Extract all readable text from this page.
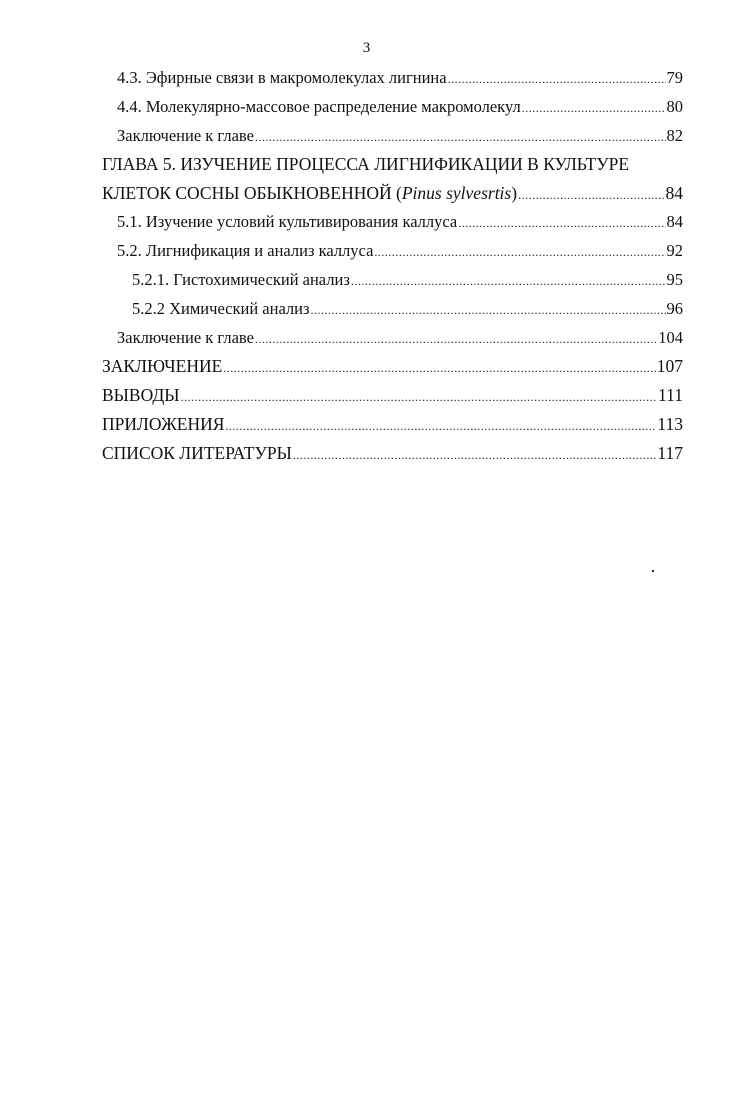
3
4.3. Эфирные связи в макромолекулах лигнина .....	79
4.4. Молекулярно-массовое распределение макромолекул .....	80
Заключение к главе .....	82
ГЛАВА 5. ИЗУЧЕНИЕ ПРОЦЕССА ЛИГНИФИКАЦИИ В КУЛЬТУРЕ
КЛЕТОК СОСНЫ ОБЫКНОВЕННОЙ (Pinus sylvesrtis) .....	84
5.1. Изучение условий культивирования каллуса .....	84
5.2. Лигнификация и анализ каллуса .....	92
5.2.1. Гистохимический анализ .....	95
5.2.2 Химический анализ .....	96
Заключение к главе .....	104
ЗАКЛЮЧЕНИЕ .....	107
ВЫВОДЫ .....	111
ПРИЛОЖЕНИЯ .....	113
СПИСОК ЛИТЕРАТУРЫ .....	117
